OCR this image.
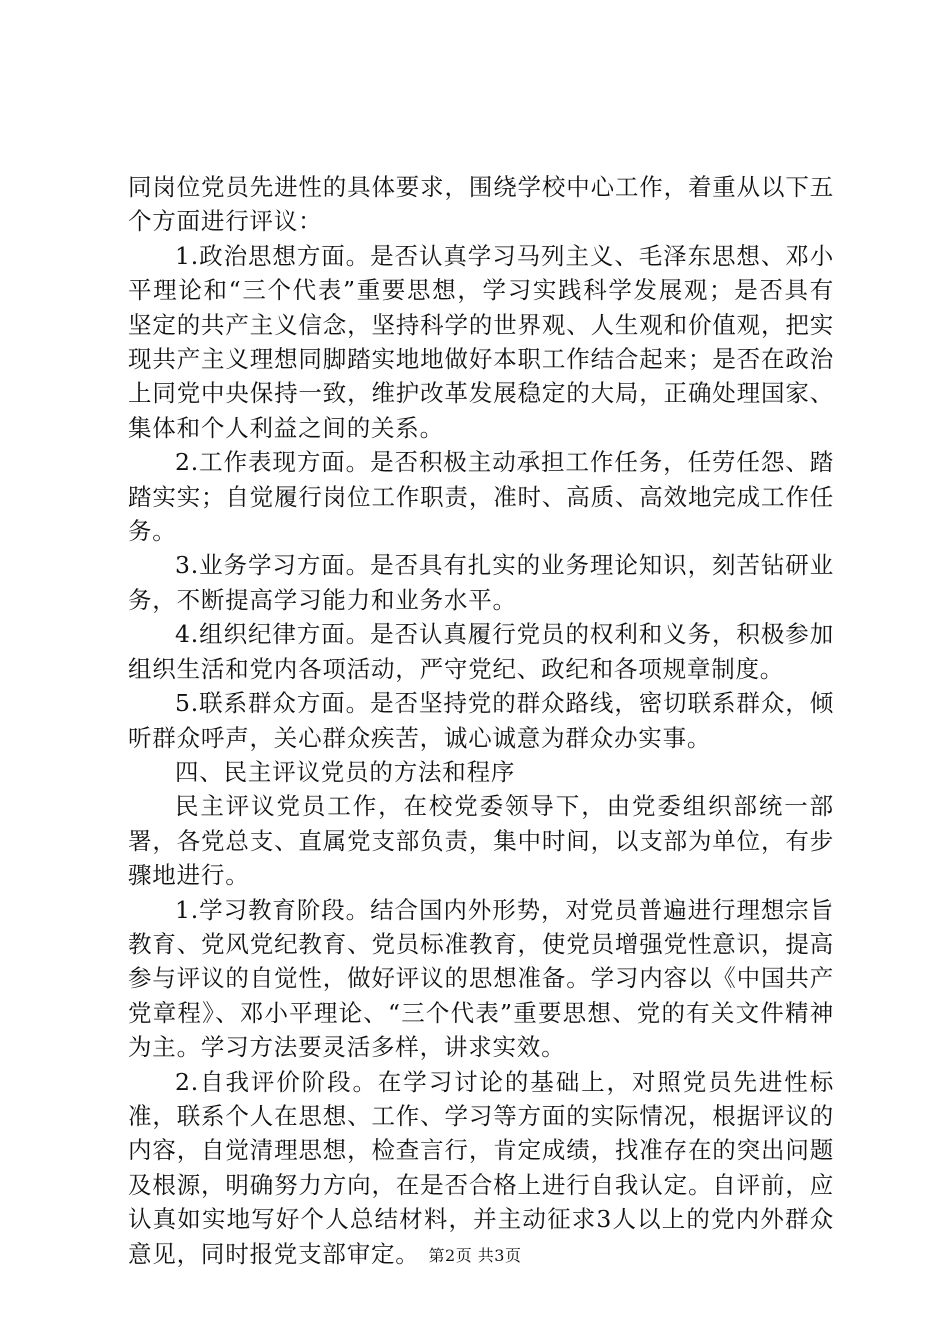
同岗位党员先进性的具体要求，围绕学校中心工作，着重从以下五个方面进行评议：

1.政治思想方面。是否认真学习马列主义、毛泽东思想、邓小平理论和“三个代表”重要思想，学习实践科学发展观；是否具有坚定的共产主义信念，坚持科学的世界观、人生观和价值观，把实现共产主义理想同脚踏实地地做好本职工作结合起来；是否在政治上同党中央保持一致，维护改革发展稳定的大局，正确处理国家、集体和个人利益之间的关系。

2.工作表现方面。是否积极主动承担工作任务，任劳任怨、踏踏实实；自觉履行岗位工作职责，准时、高质、高效地完成工作任务。

3.业务学习方面。是否具有扎实的业务理论知识，刻苦钻研业务，不断提高学习能力和业务水平。

4.组织纪律方面。是否认真履行党员的权利和义务，积极参加组织生活和党内各项活动，严守党纪、政纪和各项规章制度。

5.联系群众方面。是否坚持党的群众路线，密切联系群众，倾听群众呼声，关心群众疾苦，诚心诚意为群众办实事。

四、民主评议党员的方法和程序

民主评议党员工作，在校党委领导下，由党委组织部统一部署，各党总支、直属党支部负责，集中时间，以支部为单位，有步骤地进行。

1.学习教育阶段。结合国内外形势，对党员普遍进行理想宗旨教育、党风党纪教育、党员标准教育，使党员增强党性意识，提高参与评议的自觉性，做好评议的思想准备。学习内容以《中国共产党章程》、邓小平理论、“三个代表”重要思想、党的有关文件精神为主。学习方法要灵活多样，讲求实效。

2.自我评价阶段。在学习讨论的基础上，对照党员先进性标准，联系个人在思想、工作、学习等方面的实际情况，根据评议的内容，自觉清理思想，检查言行，肯定成绩，找准存在的突出问题及根源，明确努力方向，在是否合格上进行自我认定。自评前，应认真如实地写好个人总结材料，并主动征求3人以上的党内外群众意见，同时报党支部审定。 第2页 共3页
